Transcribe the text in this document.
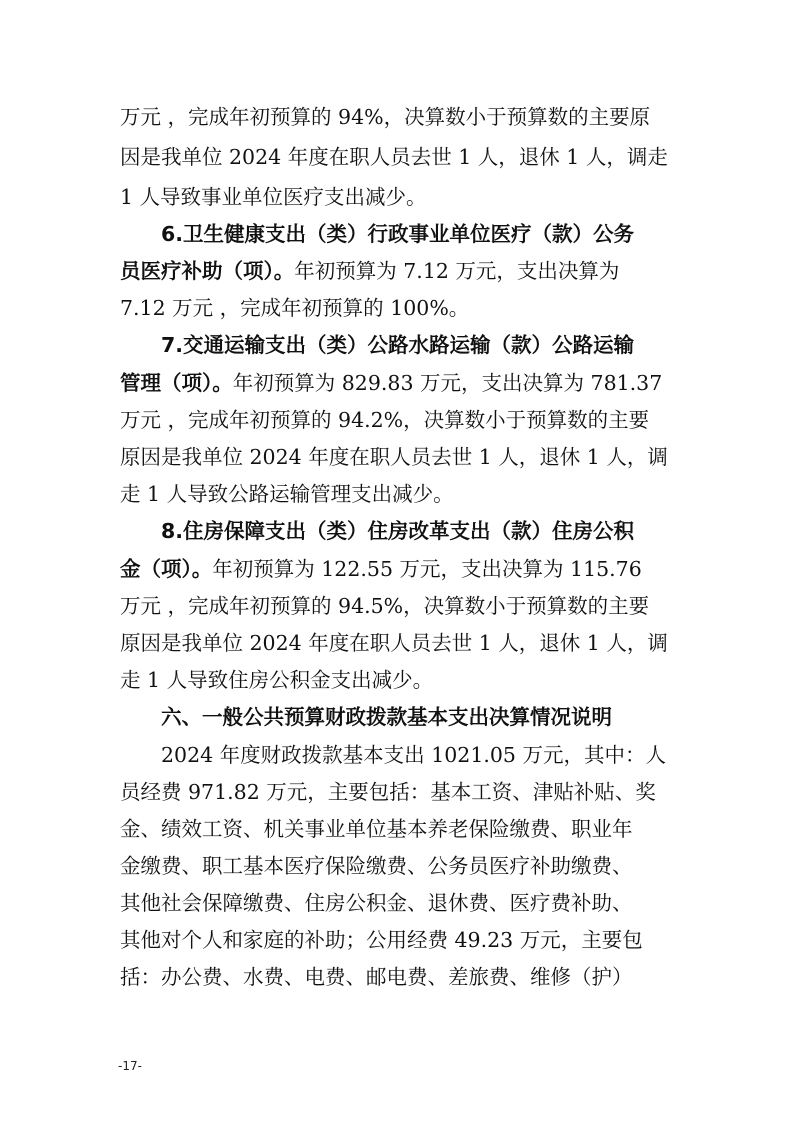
万元 ，完成年初预算的 94%，决算数小于预算数的主要原
因是我单位 2024 年度在职人员去世 1 人，退休 1 人，调走
1 人导致事业单位医疗支出减少。
6.卫生健康支出（类）行政事业单位医疗（款）公务
员医疗补助（项）。年初预算为 7.12 万元，支出决算为
7.12 万元 ，完成年初预算的 100%。
7.交通运输支出（类）公路水路运输（款）公路运输
管理（项）。年初预算为 829.83 万元，支出决算为 781.37
万元 ，完成年初预算的 94.2%，决算数小于预算数的主要
原因是我单位 2024 年度在职人员去世 1 人，退休 1 人，调
走 1 人导致公路运输管理支出减少。
8.住房保障支出（类）住房改革支出（款）住房公积
金（项）。年初预算为 122.55 万元，支出决算为 115.76
万元 ，完成年初预算的 94.5%，决算数小于预算数的主要
原因是我单位 2024 年度在职人员去世 1 人，退休 1 人，调
走 1 人导致住房公积金支出减少。
六、一般公共预算财政拨款基本支出决算情况说明
2024 年度财政拨款基本支出 1021.05 万元，其中：人
员经费 971.82 万元，主要包括：基本工资、津贴补贴、奖
金、绩效工资、机关事业单位基本养老保险缴费、职业年
金缴费、职工基本医疗保险缴费、公务员医疗补助缴费、
其他社会保障缴费、住房公积金、退休费、医疗费补助、
其他对个人和家庭的补助；公用经费 49.23 万元，主要包
括：办公费、水费、电费、邮电费、差旅费、维修（护）
-17-
